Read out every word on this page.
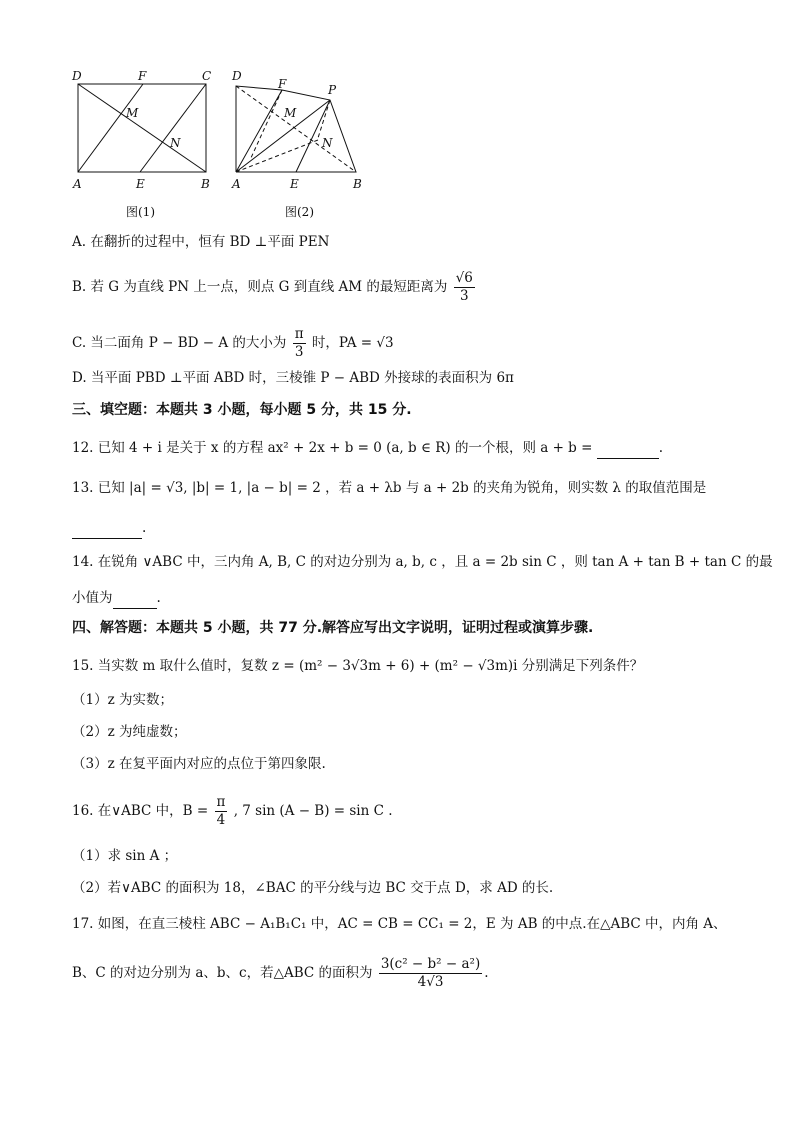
D	F	C
M
N
A	E	B
D
F	P
M
N
A	E	B
图(1)	图(2)
A. 在翻折的过程中，恒有 BD ⊥平面 PEN
B. 若 G 为直线 PN 上一点，则点 G 到直线 AM 的最短距离为 $\frac{√6}{3}$
C. 当二面角 P − BD − A 的大小为 $\frac{\pi}{3}$ 时，PA = √3
D. 当平面 PBD ⊥平面 ABD 时，三棱锥 P − ABD 外接球的表面积为 6π
三、填空题：本题共 3 小题，每小题 5 分，共 15 分.
12. 已知 4 + i 是关于 x 的方程 ax² + 2x + b = 0 (a, b ∈ R) 的一个根，则 a + b =	.
13. 已知 |a| = √3, |b| = 1, |a − b| = 2 ，若 a + λb 与 a + 2b 的夹角为锐角，则实数 λ 的取值范围是
.
14. 在锐角 ∨ABC 中，三内角 A, B, C 的对边分别为 a, b, c ，且 a = 2b sin C ，则 tan A + tan B + tan C 的最
小值为	.
四、解答题：本题共 5 小题，共 77 分.解答应写出文字说明，证明过程或演算步骤.
15. 当实数 m 取什么值时，复数 z = (m² − 3√3m + 6) + (m² − √3m)i 分别满足下列条件？
（1）z 为实数；
（2）z 为纯虚数；
（3）z 在复平面内对应的点位于第四象限.
16. 在∨ABC 中，$B = \frac{\pi}{4}$ , 7 sin (A − B) = sin C .
（1）求 sin A ；
（2）若∨ABC 的面积为 18，∠BAC 的平分线与边 BC 交于点 D，求 AD 的长.
17. 如图，在直三棱柱 ABC − A₁B₁C₁ 中，AC = CB = CC₁ = 2，E 为 AB 的中点.在△ABC 中，内角 A、
B、C 的对边分别为 a、b、c，若△ABC 的面积为 $\frac{\text{3(c² − b² − a²)}}{4√3}$ .
